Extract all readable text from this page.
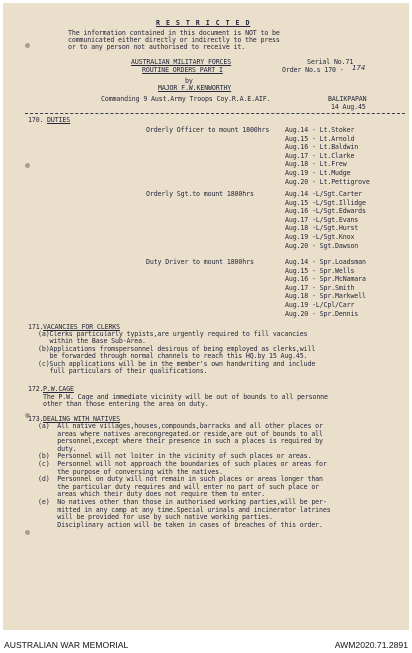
R E S T R I C T E D
The information contained in this document is NOT to be
communicated either directly or indirectly to the press
or to any person not authorised to receive it.
AUSTRALIAN MILITARY FORCES	Serial No.71
ROUTINE ORDERS PART I	Order No.s 170 - 174
by
MAJOR F.W.KENWORTHY
Commanding 9 Aust.Army Troops Coy.R.A.E.AIF.	BALIKPAPAN
14 Aug.45
170. DUTIES
Orderly Officer to mount 1800hrs Aug.14 - Lt.Stoker
Aug.15 - Lt.Arnold
Aug.16 - Lt.Baldwin
Aug.17 - Lt.Clarke
Aug.18 - Lt.Frew
Aug.19 - Lt.Mudge
Aug.20 - Lt.Pettigrove
Orderly Sgt.to mount 1800hrs	Aug.14 -L/Sgt.Carter
Aug.15 -L/Sgt.Illidge
Aug.16 -L/Sgt.Edwards
Aug.17 -L/Sgt.Evans
Aug.18 -L/Sgt.Hurst
Aug.19 -L/Sgt.Knox
Aug.20 - Sgt.Dawson
Duty Driver to mount 1800hrs	Aug.14 - Spr.Loadsman
Aug.15 - Spr.Wells
Aug.16 - Spr.McNamara
Aug.17 - Spr.Smith
Aug.18 - Spr.Markwell
Aug.19 -L/Cpl/Carr
Aug.20 - Spr.Dennis
171. VACANCIES FOR CLERKS
(a)Clerks particularly typists,are urgently required to fill vacancies
within the Base Sub-Area.
(b)Applications fromspersonnel desirous of being employed as clerks,will
be forwarded through normal channels to reach this HQ.by 15 Aug.45.
(c)Such applications will be in the member's own handwriting and include
full particulars of their qualifications.
172. P.W.CAGE
The P.W. Cage and immediate vicinity will be out of bounds to all personne
other than those entering the area on duty.
173. DEALING WITH NATIVES
(a)  All native villages,houses,compounds,barracks and all other places or
areas where natives arecongregated.or reside,are out of bounds to all
personnel,except where their presence in such a places is required by
duty.
(b)  Personnel will not loiter in the vicinity of such places or areas.
(c)  Personnel will not approach the boundaries of such places or areas for
the purpose of conversing with the natives.
(d)  Personnel on duty will not remain in such places or areas longer than
the particular duty requires and will enter no part of such place or
areas which their duty does not require them to enter.
(e)  No natives other than those in authorised working parties,will be per-
mitted in any camp at any time.Special urinals and incinerator latrines
will be provided for use by such native working parties.
Disciplinary action will be taken in cases of breaches of this order.
AUSTRALIAN WAR MEMORIAL	AWM2020.71.2891
